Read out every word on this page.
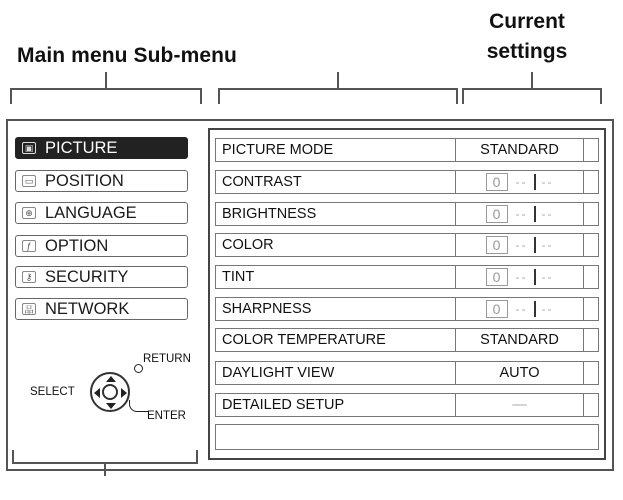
Main menu Sub-menu
Current settings
▣ PICTURE
▭ POSITION
⊕ LANGUAGE
ƒ OPTION
⚷ SECURITY
品 NETWORK
SELECT
RETURN
ENTER
PICTURE MODE	STANDARD
CONTRAST	0	-- --
BRIGHTNESS	0	-- --
COLOR	0	-- --
TINT	0	-- --
SHARPNESS	0	-- --
COLOR TEMPERATURE	STANDARD
DAYLIGHT VIEW	AUTO
DETAILED SETUP	—
